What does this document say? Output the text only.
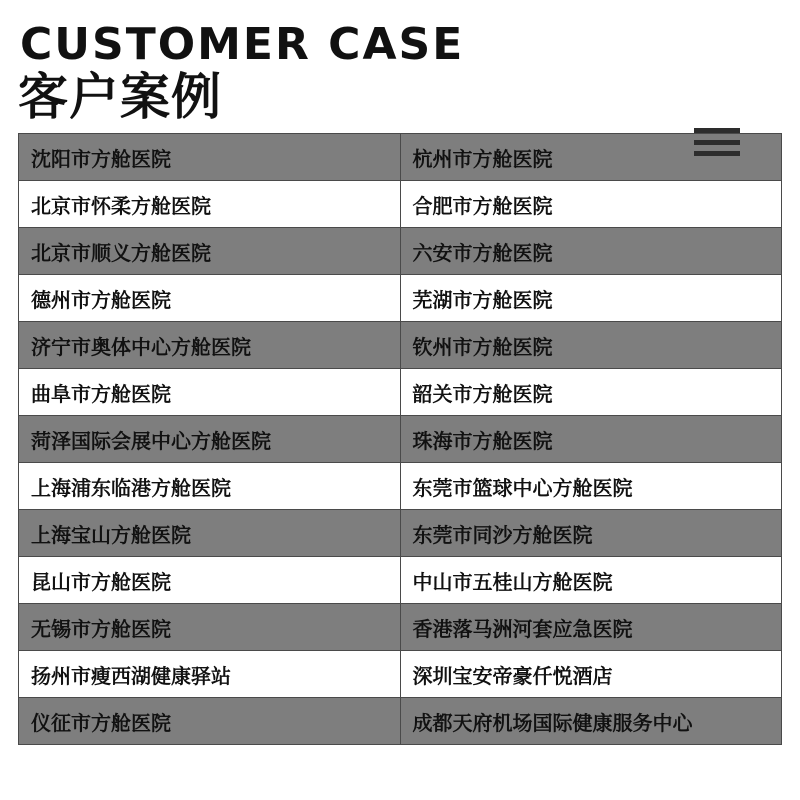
CUSTOMER CASE
客户案例
沈阳市方舱医院	杭州市方舱医院
北京市怀柔方舱医院	合肥市方舱医院
北京市顺义方舱医院	六安市方舱医院
德州市方舱医院	芜湖市方舱医院
济宁市奥体中心方舱医院	钦州市方舱医院
曲阜市方舱医院	韶关市方舱医院
菏泽国际会展中心方舱医院	珠海市方舱医院
上海浦东临港方舱医院	东莞市篮球中心方舱医院
上海宝山方舱医院	东莞市同沙方舱医院
昆山市方舱医院	中山市五桂山方舱医院
无锡市方舱医院	香港落马洲河套应急医院
扬州市瘦西湖健康驿站	深圳宝安帝豪仟悦酒店
仪征市方舱医院	成都天府机场国际健康服务中心
